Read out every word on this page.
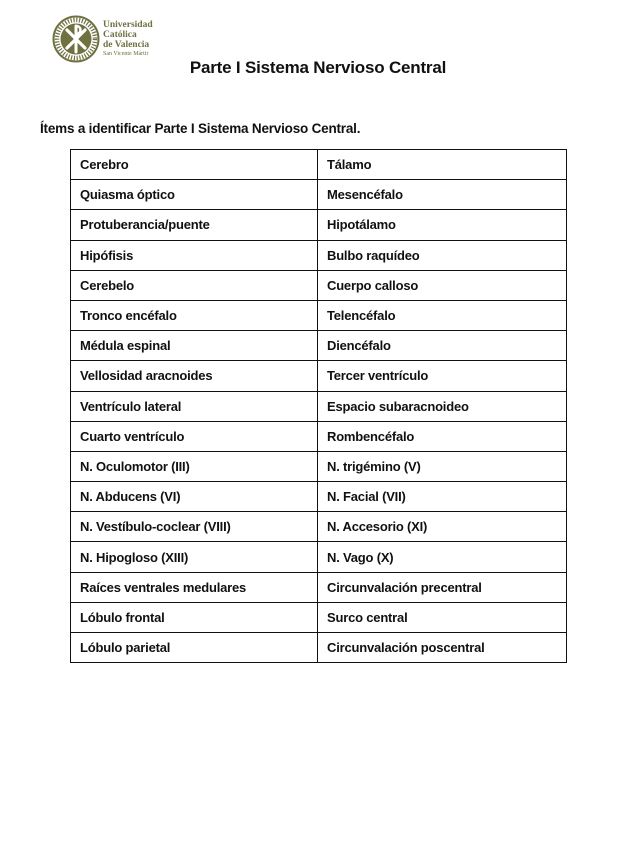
Universidad
Católica
de Valencia
San Vicente Mártir
Parte I Sistema Nervioso Central
Ítems a identificar Parte I Sistema Nervioso Central.
Cerebro	Tálamo
Quiasma óptico	Mesencéfalo
Protuberancia/puente	Hipotálamo
Hipófisis	Bulbo raquídeo
Cerebelo	Cuerpo calloso
Tronco encéfalo	Telencéfalo
Médula espinal	Diencéfalo
Vellosidad aracnoides	Tercer ventrículo
Ventrículo lateral	Espacio subaracnoideo
Cuarto ventrículo	Rombencéfalo
N. Oculomotor (III)	N. trigémino (V)
N. Abducens (VI)	N. Facial (VII)
N. Vestíbulo-coclear (VIII)	N. Accesorio (XI)
N. Hipogloso (XIII)	N. Vago (X)
Raíces ventrales medulares	Circunvalación precentral
Lóbulo frontal	Surco central
Lóbulo parietal	Circunvalación poscentral
